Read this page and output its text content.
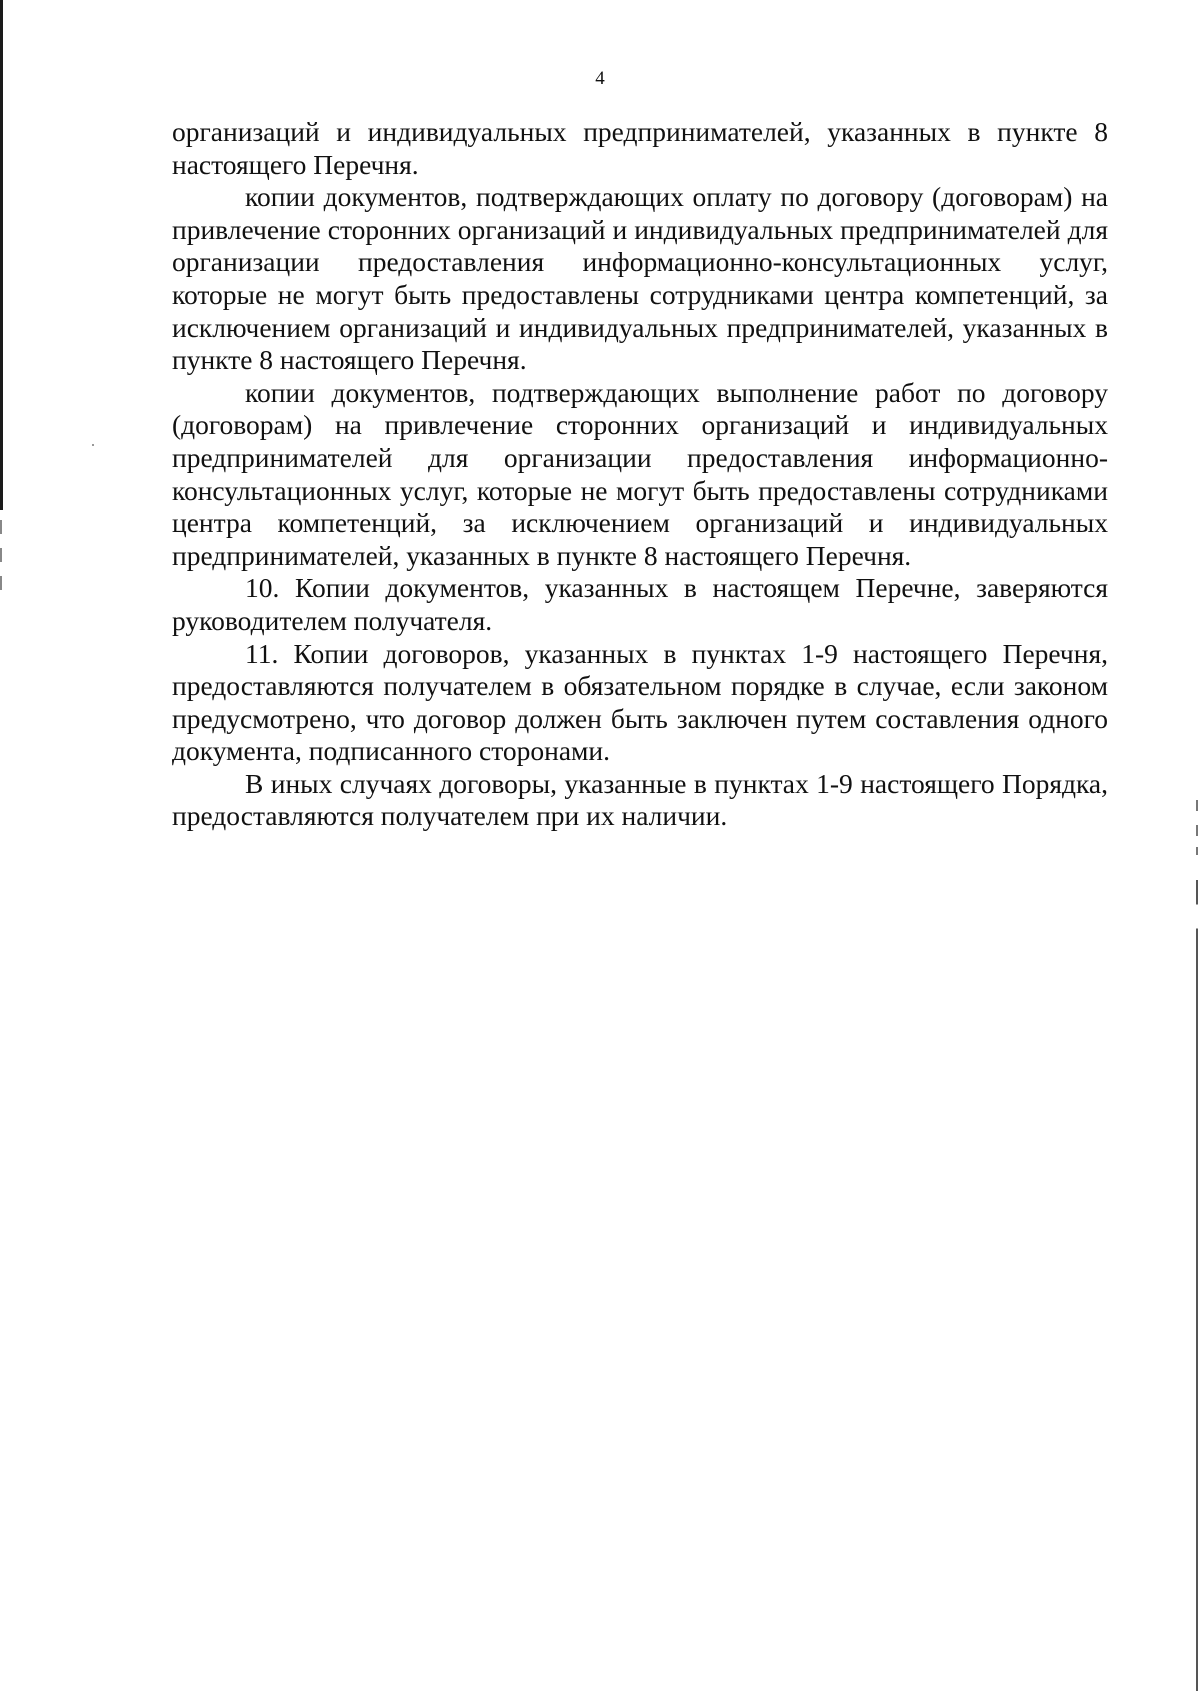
4

организаций и индивидуальных предпринимателей, указанных в пункте 8 настоящего Перечня.

копии документов, подтверждающих оплату по договору (договорам) на привлечение сторонних организаций и индивидуальных предпринимателей для организации предоставления информационно-консультационных услуг, которые не могут быть предоставлены сотрудниками центра компетенций, за исключением организаций и индивидуальных предпринимателей, указанных в пункте 8 настоящего Перечня.

копии документов, подтверждающих выполнение работ по договору (договорам) на привлечение сторонних организаций и индивидуальных предпринимателей для организации предоставления информационно-консультационных услуг, которые не могут быть предоставлены сотрудниками центра компетенций, за исключением организаций и индивидуальных предпринимателей, указанных в пункте 8 настоящего Перечня.

10. Копии документов, указанных в настоящем Перечне, заверяются руководителем получателя.

11. Копии договоров, указанных в пунктах 1-9 настоящего Перечня, предоставляются получателем в обязательном порядке в случае, если законом предусмотрено, что договор должен быть заключен путем составления одного документа, подписанного сторонами.

В иных случаях договоры, указанные в пунктах 1-9 настоящего Порядка, предоставляются получателем при их наличии.
